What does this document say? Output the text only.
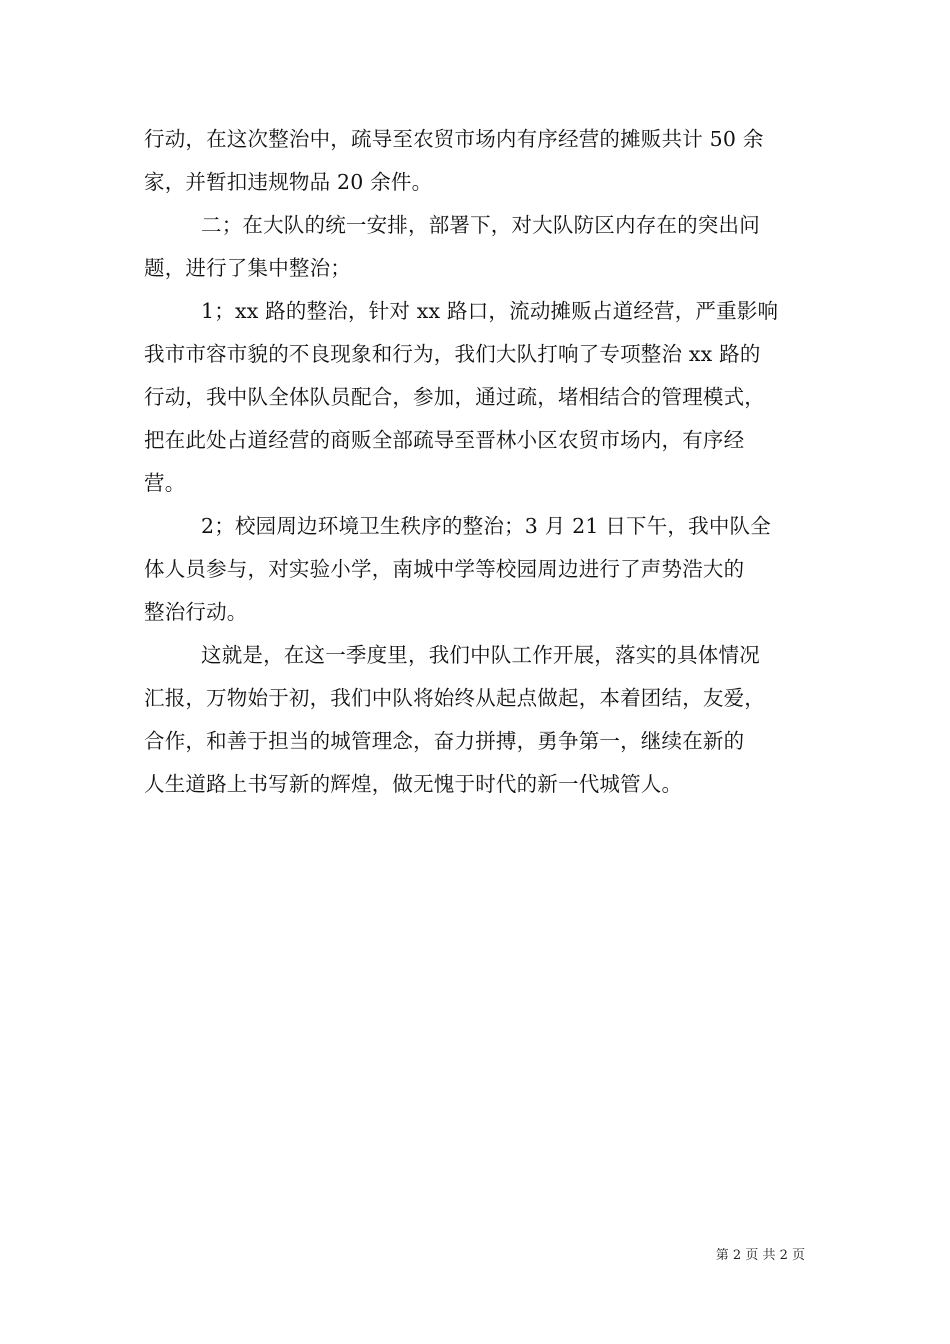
行动，在这次整治中，疏导至农贸市场内有序经营的摊贩共计 50 余
家，并暂扣违规物品 20 余件。
二；在大队的统一安排，部署下，对大队防区内存在的突出问
题，进行了集中整治；
1；xx 路的整治，针对 xx 路口，流动摊贩占道经营，严重影响
我市市容市貌的不良现象和行为，我们大队打响了专项整治 xx 路的
行动，我中队全体队员配合，参加，通过疏，堵相结合的管理模式，
把在此处占道经营的商贩全部疏导至晋林小区农贸市场内，有序经
营。
2；校园周边环境卫生秩序的整治；3 月 21 日下午，我中队全
体人员参与，对实验小学，南城中学等校园周边进行了声势浩大的
整治行动。
这就是，在这一季度里，我们中队工作开展，落实的具体情况
汇报，万物始于初，我们中队将始终从起点做起，本着团结，友爱，
合作，和善于担当的城管理念，奋力拼搏，勇争第一，继续在新的
人生道路上书写新的辉煌，做无愧于时代的新一代城管人。
第 2 页 共 2 页
